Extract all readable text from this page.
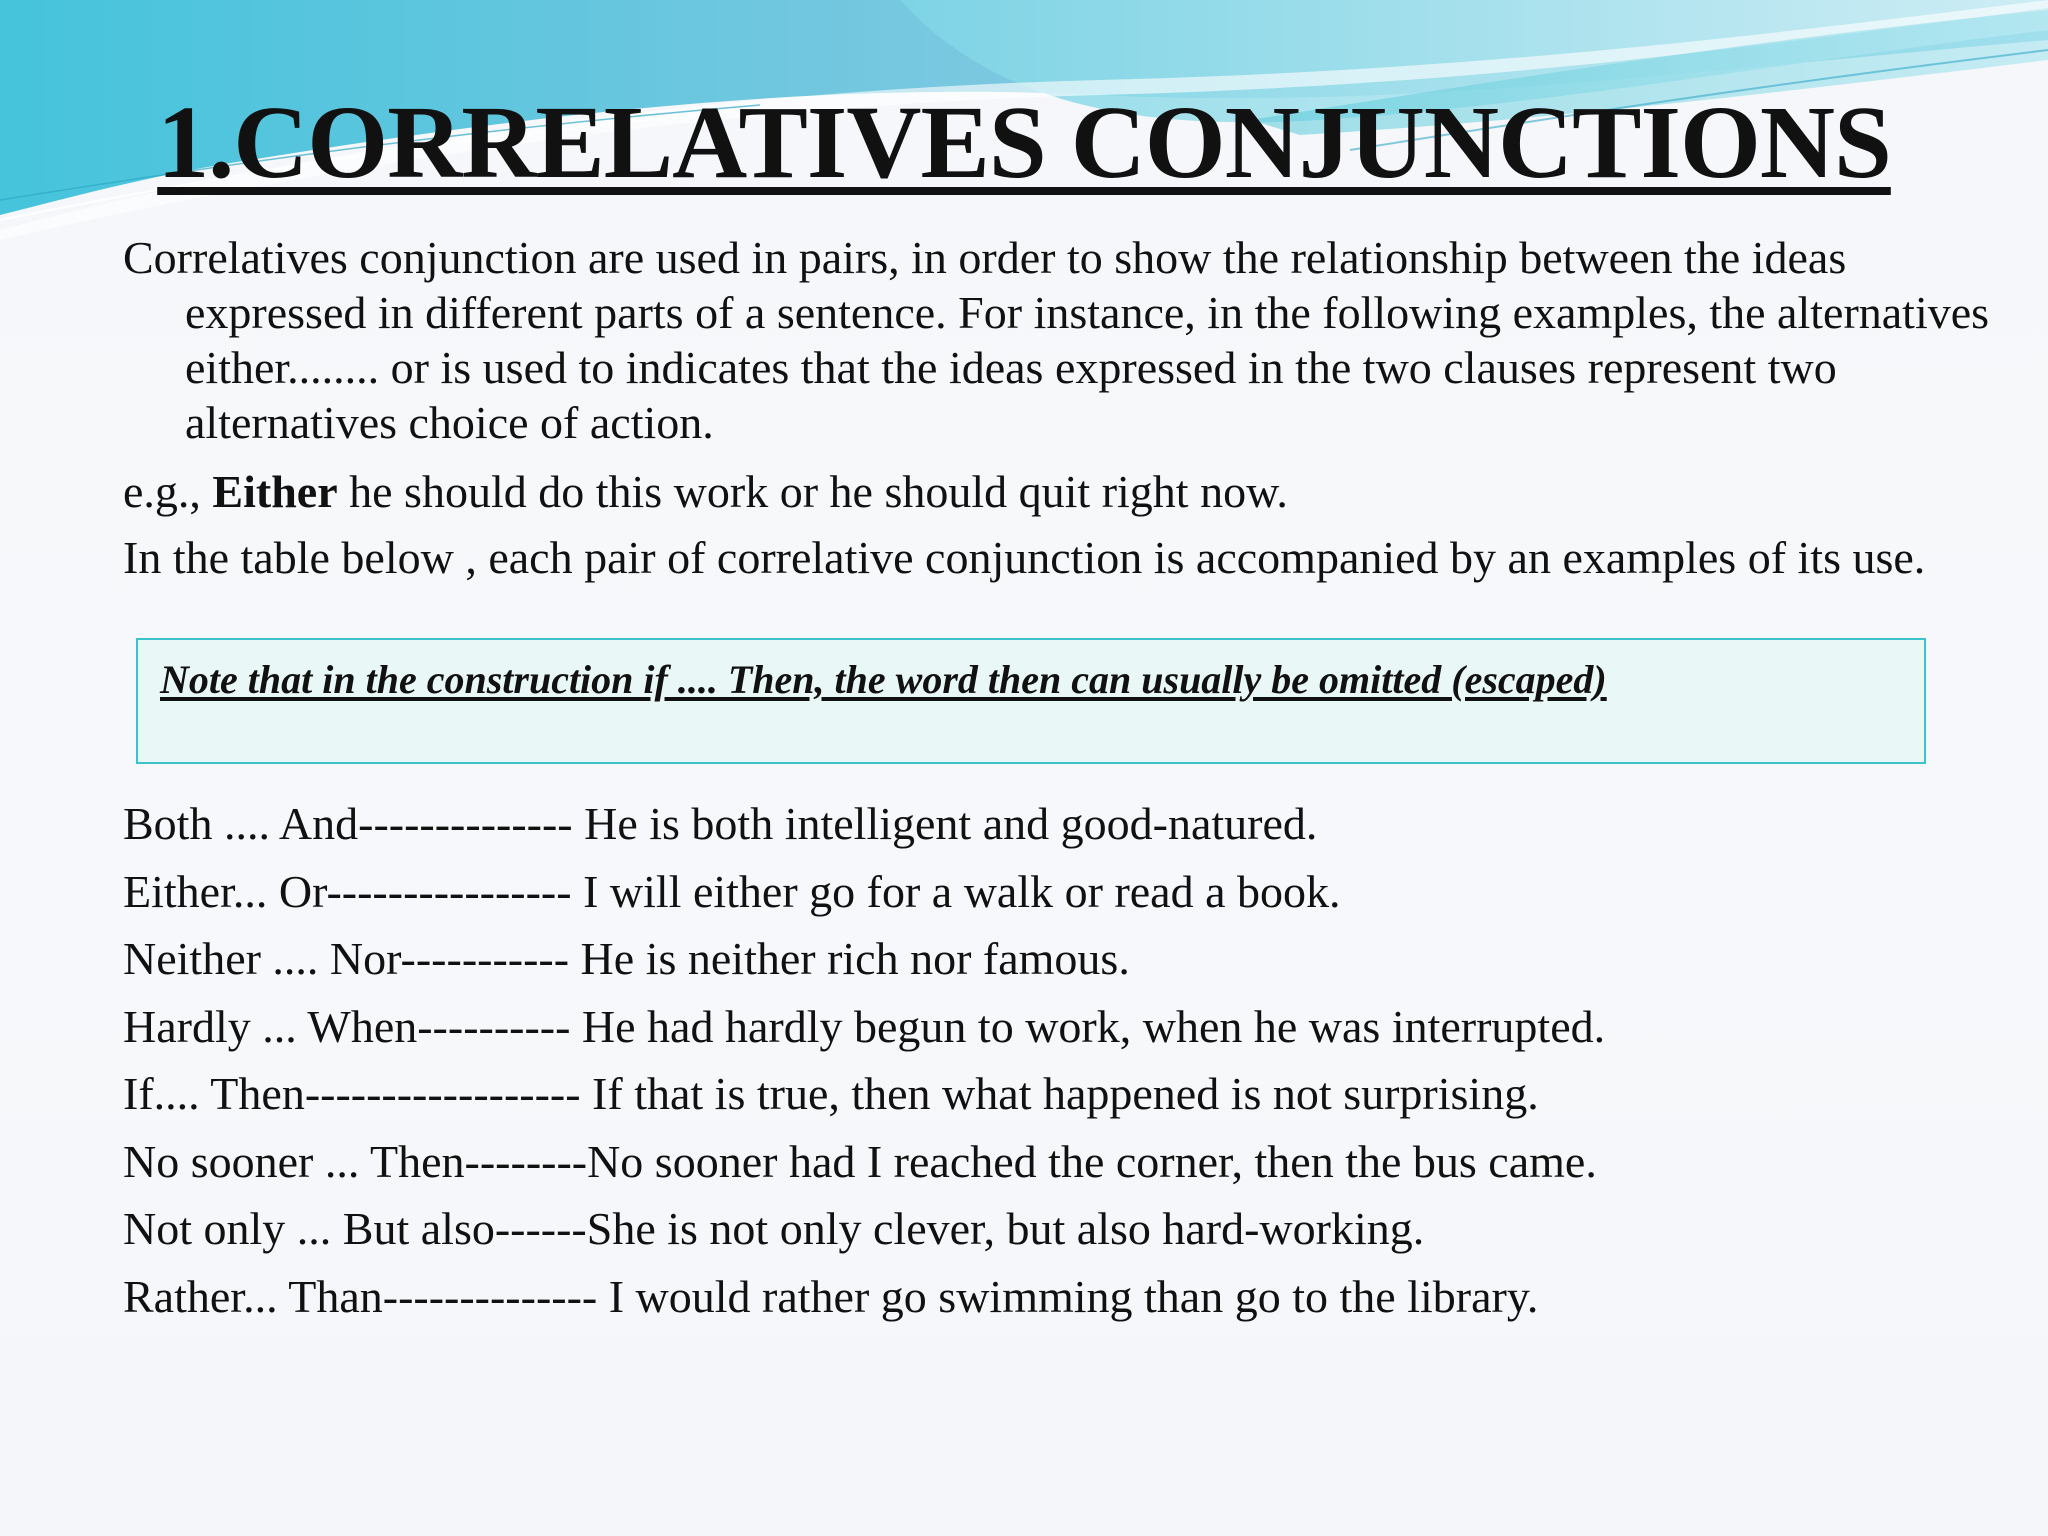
1.CORRELATIVES CONJUNCTIONS

Correlatives conjunction are used in pairs, in order to show the relationship between the ideas expressed in different parts of a sentence. For instance, in the following examples, the alternatives either........ or is used to indicates that the ideas expressed in the two clauses represent two alternatives choice of action.

e.g., Either he should do this work or he should quit right now.

In the table below , each pair of correlative conjunction is accompanied by an examples of its use.

Note that in the construction if .... Then, the word then can usually be omitted (escaped)
Both .... And-------------- He is both intelligent and good-natured.
Either... Or---------------- I will either go for a walk or read a book.
Neither .... Nor----------- He is neither rich nor famous.
Hardly ... When---------- He had hardly begun to work, when he was interrupted.
If.... Then------------------ If that is true, then what happened is not surprising.
No sooner ... Then--------No sooner had I reached the corner, then the bus came.
Not only ... But also------She is not only clever, but also hard-working.
Rather... Than-------------- I would rather go swimming than go to the library.
